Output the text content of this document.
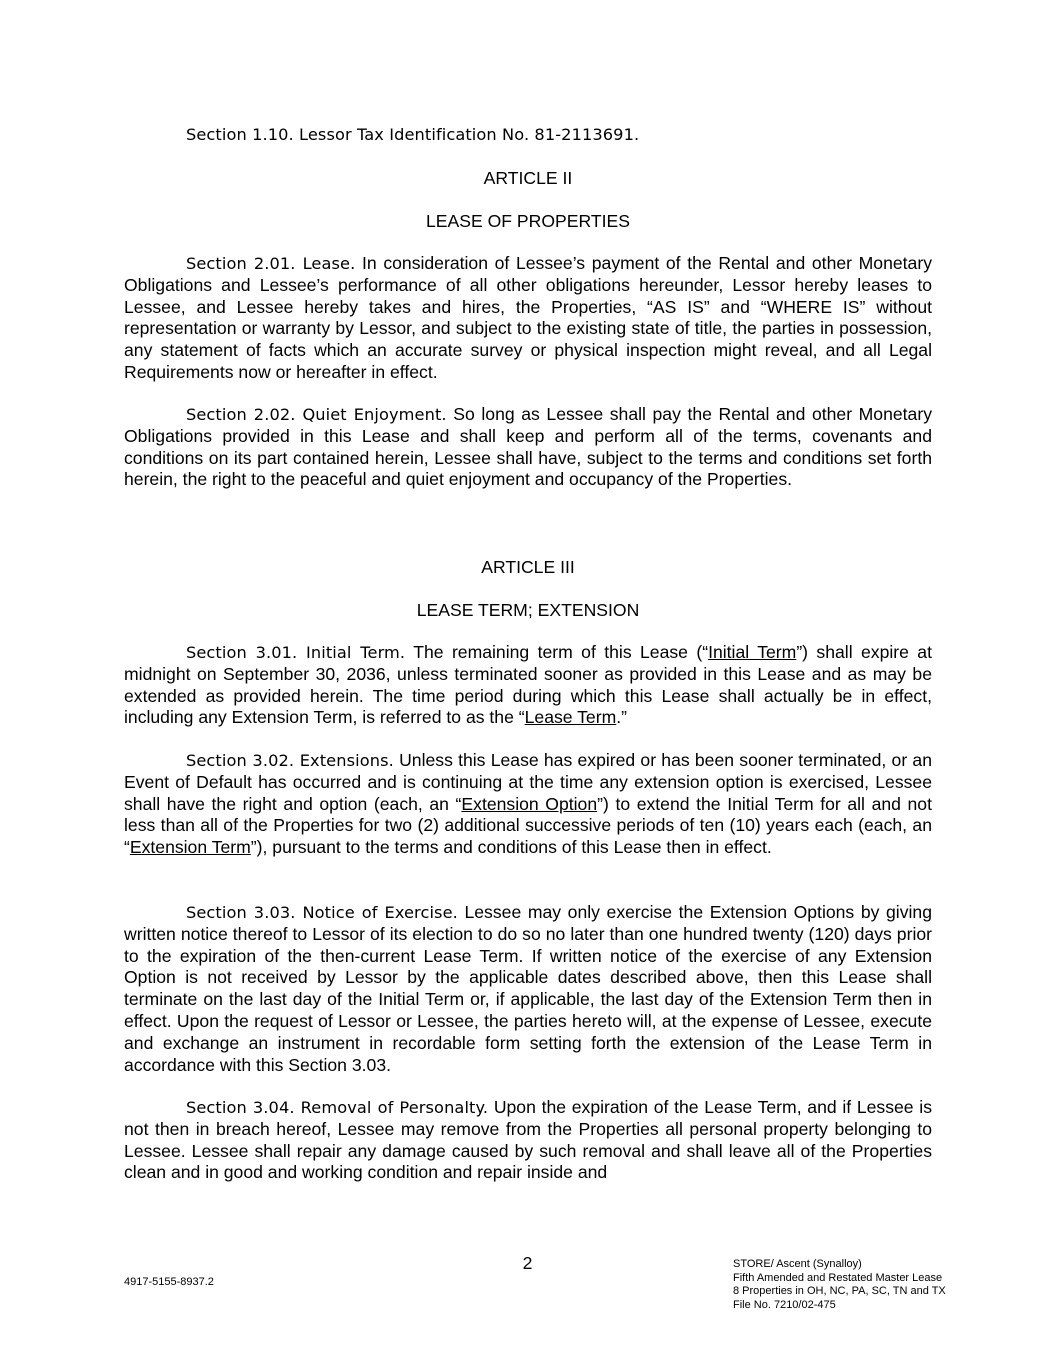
Section 1.10. Lessor Tax Identification No. 81-2113691.

ARTICLE II

LEASE OF PROPERTIES

Section 2.01. Lease. In consideration of Lessee’s payment of the Rental and other Monetary Obligations and Lessee’s performance of all other obligations hereunder, Lessor hereby leases to Lessee, and Lessee hereby takes and hires, the Properties, “AS IS” and “WHERE IS” without representation or warranty by Lessor, and subject to the existing state of title, the parties in possession, any statement of facts which an accurate survey or physical inspection might reveal, and all Legal Requirements now or hereafter in effect.

Section 2.02. Quiet Enjoyment. So long as Lessee shall pay the Rental and other Monetary Obligations provided in this Lease and shall keep and perform all of the terms, covenants and conditions on its part contained herein, Lessee shall have, subject to the terms and conditions set forth herein, the right to the peaceful and quiet enjoyment and occupancy of the Properties.

ARTICLE III

LEASE TERM; EXTENSION

Section 3.01. Initial Term. The remaining term of this Lease (“Initial Term”) shall expire at midnight on September 30, 2036, unless terminated sooner as provided in this Lease and as may be extended as provided herein. The time period during which this Lease shall actually be in effect, including any Extension Term, is referred to as the “Lease Term.”

Section 3.02. Extensions. Unless this Lease has expired or has been sooner terminated, or an Event of Default has occurred and is continuing at the time any extension option is exercised, Lessee shall have the right and option (each, an “Extension Option”) to extend the Initial Term for all and not less than all of the Properties for two (2) additional successive periods of ten (10) years each (each, an “Extension Term”), pursuant to the terms and conditions of this Lease then in effect.

Section 3.03. Notice of Exercise. Lessee may only exercise the Extension Options by giving written notice thereof to Lessor of its election to do so no later than one hundred twenty (120) days prior to the expiration of the then-current Lease Term. If written notice of the exercise of any Extension Option is not received by Lessor by the applicable dates described above, then this Lease shall terminate on the last day of the Initial Term or, if applicable, the last day of the Extension Term then in effect. Upon the request of Lessor or Lessee, the parties hereto will, at the expense of Lessee, execute and exchange an instrument in recordable form setting forth the extension of the Lease Term in accordance with this Section 3.03.

Section 3.04. Removal of Personalty. Upon the expiration of the Lease Term, and if Lessee is not then in breach hereof, Lessee may remove from the Properties all personal property belonging to Lessee. Lessee shall repair any damage caused by such removal and shall leave all of the Properties clean and in good and working condition and repair inside and

2
4917-5155-8937.2
STORE/ Ascent (Synalloy)
Fifth Amended and Restated Master Lease
8 Properties in OH, NC, PA, SC, TN and TX
File No. 7210/02-475
